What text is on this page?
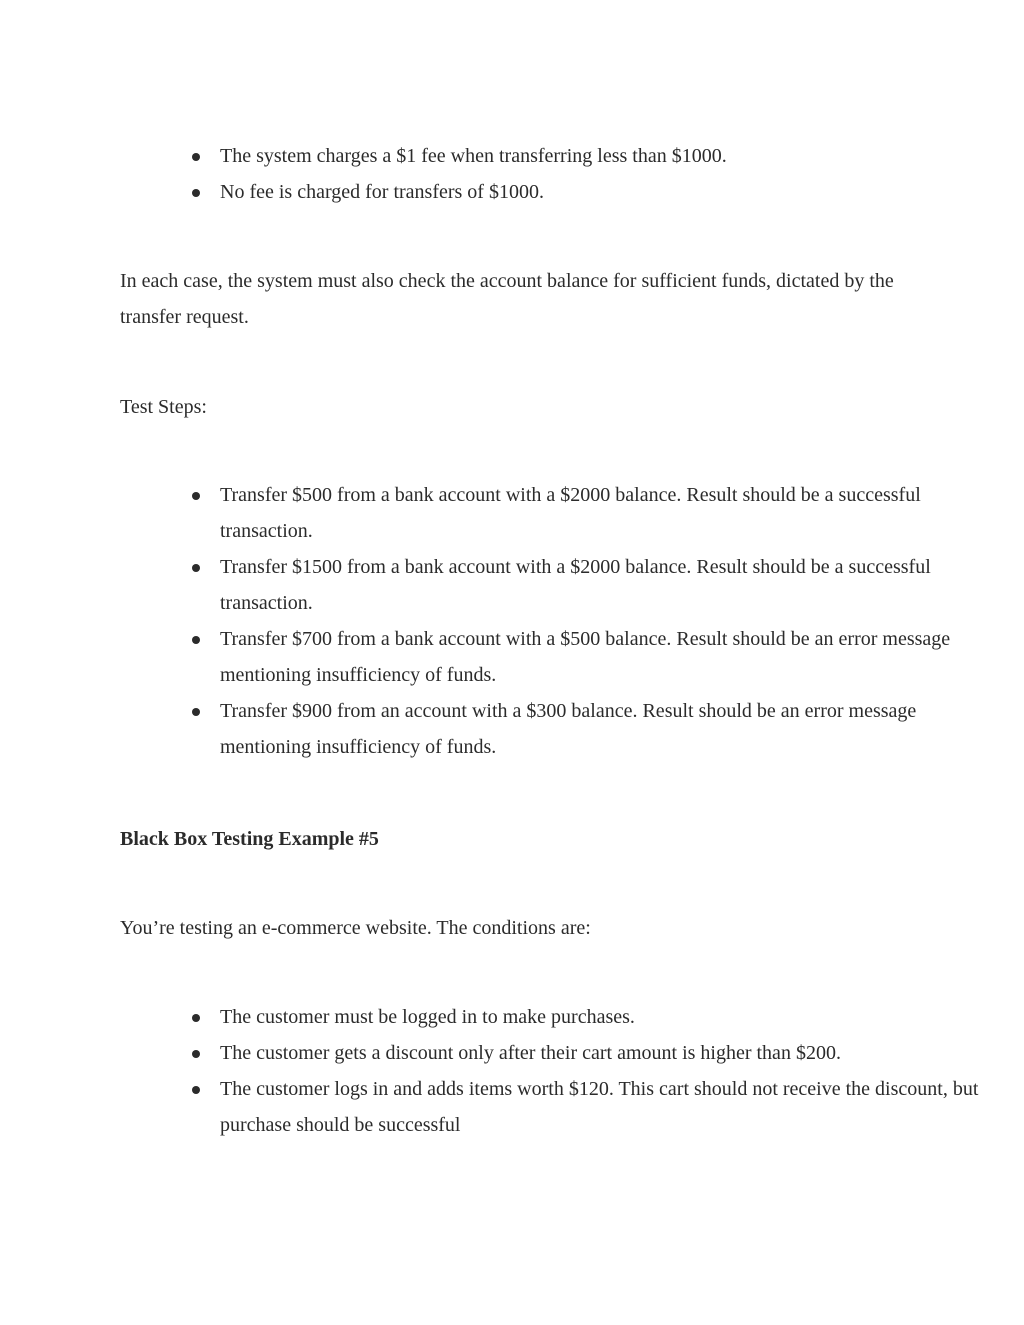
The system charges a $1 fee when transferring less than $1000.
No fee is charged for transfers of $1000.

In each case, the system must also check the account balance for sufficient funds, dictated by the transfer request.

Test Steps:

Transfer $500 from a bank account with a $2000 balance. Result should be a successful transaction.
Transfer $1500 from a bank account with a $2000 balance. Result should be a successful transaction.
Transfer $700 from a bank account with a $500 balance. Result should be an error message mentioning insufficiency of funds.
Transfer $900 from an account with a $300 balance. Result should be an error message mentioning insufficiency of funds.

Black Box Testing Example #5

You’re testing an e-commerce website. The conditions are:

The customer must be logged in to make purchases.
The customer gets a discount only after their cart amount is higher than $200.
The customer logs in and adds items worth $120. This cart should not receive the discount, but purchase should be successful
